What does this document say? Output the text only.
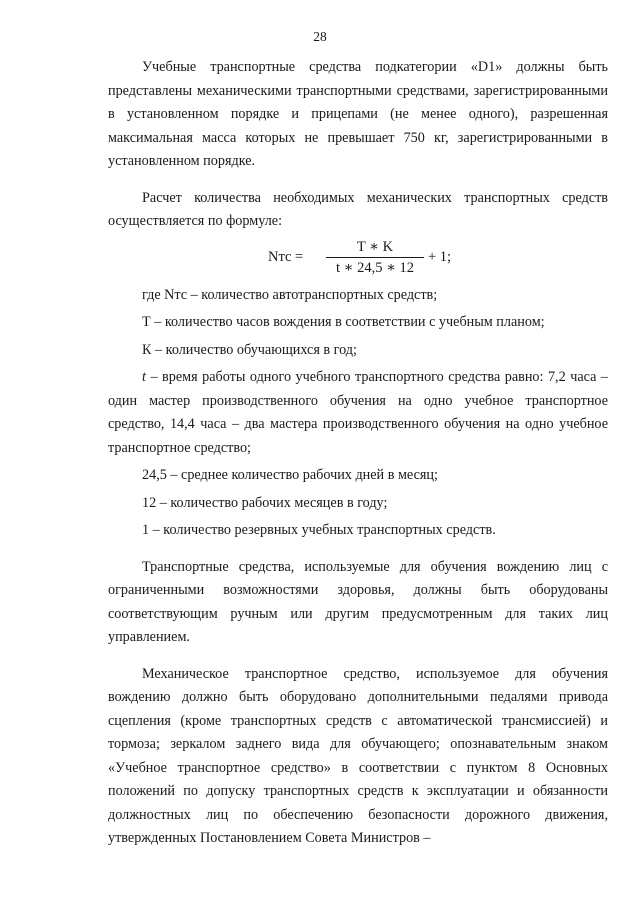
28

Учебные транспортные средства подкатегории «D1» должны быть представлены механическими транспортными средствами, зарегистрированными в установленном порядке и прицепами (не менее одного), разрешенная максимальная масса которых не превышает 750 кг, зарегистрированными в установленном порядке.

Расчет количества необходимых механических транспортных средств осуществляется по формуле:

Nтс =
T ∗ K
t ∗ 24,5 ∗ 12
+ 1;

где Nтс – количество автотранспортных средств;

Т – количество часов вождения в соответствии с учебным планом;

К – количество обучающихся в год;

t – время работы одного учебного транспортного средства равно: 7,2 часа – один мастер производственного обучения на одно учебное транспортное средство, 14,4 часа – два мастера производственного обучения на одно учебное транспортное средство;

24,5 – среднее количество рабочих дней в месяц;

12 – количество рабочих месяцев в году;

1 – количество резервных учебных транспортных средств.

Транспортные средства, используемые для обучения вождению лиц с ограниченными возможностями здоровья, должны быть оборудованы соответствующим ручным или другим предусмотренным для таких лиц управлением.

Механическое транспортное средство, используемое для обучения вождению должно быть оборудовано дополнительными педалями привода сцепления (кроме транспортных средств с автоматической трансмиссией) и тормоза; зеркалом заднего вида для обучающего; опознавательным знаком «Учебное транспортное средство» в соответствии с пунктом 8 Основных положений по допуску транспортных средств к эксплуатации и обязанности должностных лиц по обеспечению безопасности дорожного движения, утвержденных Постановлением Совета Министров –
